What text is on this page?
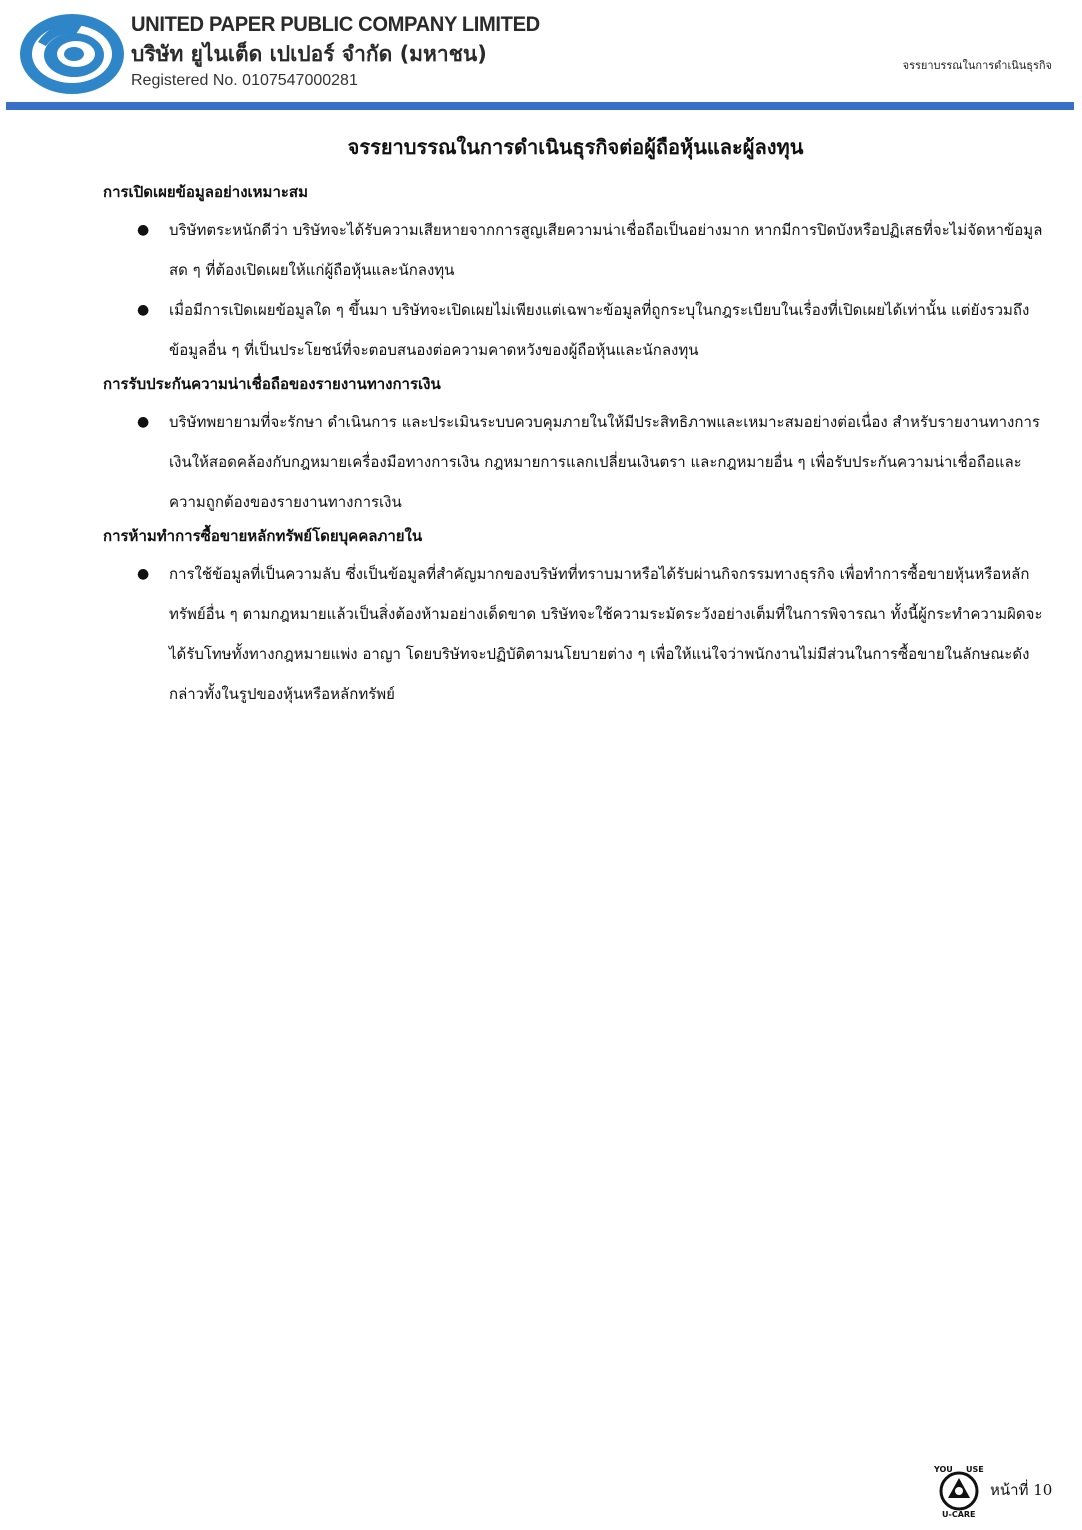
UNITED PAPER PUBLIC COMPANY LIMITED
บริษัท ยูไนเต็ด เปเปอร์ จำกัด (มหาชน)
Registered No. 0107547000281
จรรยาบรรณในการดำเนินธุรกิจ
จรรยาบรรณในการดำเนินธุรกิจต่อผู้ถือหุ้นและผู้ลงทุน

การเปิดเผยข้อมูลอย่างเหมาะสม

● บริษัทตระหนักดีว่า บริษัทจะได้รับความเสียหายจากการสูญเสียความน่าเชื่อถือเป็นอย่างมาก หากมีการปิดบังหรือปฏิเสธที่จะไม่จัดหาข้อมูลสด ๆ ที่ต้องเปิดเผยให้แก่ผู้ถือหุ้นและนักลงทุน
● เมื่อมีการเปิดเผยข้อมูลใด ๆ ขึ้นมา บริษัทจะเปิดเผยไม่เพียงแต่เฉพาะข้อมูลที่ถูกระบุในกฎระเบียบในเรื่องที่เปิดเผยได้เท่านั้น แต่ยังรวมถึงข้อมูลอื่น ๆ ที่เป็นประโยชน์ที่จะตอบสนองต่อความคาดหวังของผู้ถือหุ้นและนักลงทุน

การรับประกันความน่าเชื่อถือของรายงานทางการเงิน

● บริษัทพยายามที่จะรักษา ดำเนินการ และประเมินระบบควบคุมภายในให้มีประสิทธิภาพและเหมาะสมอย่างต่อเนื่อง สำหรับรายงานทางการเงินให้สอดคล้องกับกฎหมายเครื่องมือทางการเงิน กฎหมายการแลกเปลี่ยนเงินตรา และกฎหมายอื่น ๆ เพื่อรับประกันความน่าเชื่อถือและความถูกต้องของรายงานทางการเงิน

การห้ามทำการซื้อขายหลักทรัพย์โดยบุคคลภายใน

● การใช้ข้อมูลที่เป็นความลับ ซึ่งเป็นข้อมูลที่สำคัญมากของบริษัทที่ทราบมาหรือได้รับผ่านกิจกรรมทางธุรกิจ เพื่อทำการซื้อขายหุ้นหรือหลักทรัพย์อื่น ๆ ตามกฎหมายแล้วเป็นสิ่งต้องห้ามอย่างเด็ดขาด บริษัทจะใช้ความระมัดระวังอย่างเต็มที่ในการพิจารณา ทั้งนี้ผู้กระทำความผิดจะได้รับโทษทั้งทางกฎหมายแพ่ง อาญา โดยบริษัทจะปฏิบัติตามนโยบายต่าง ๆ เพื่อให้แน่ใจว่าพนักงานไม่มีส่วนในการซื้อขายในลักษณะดังกล่าวทั้งในรูปของหุ้นหรือหลักทรัพย์
YOU USE
U-CARE
หน้าที่ 10
